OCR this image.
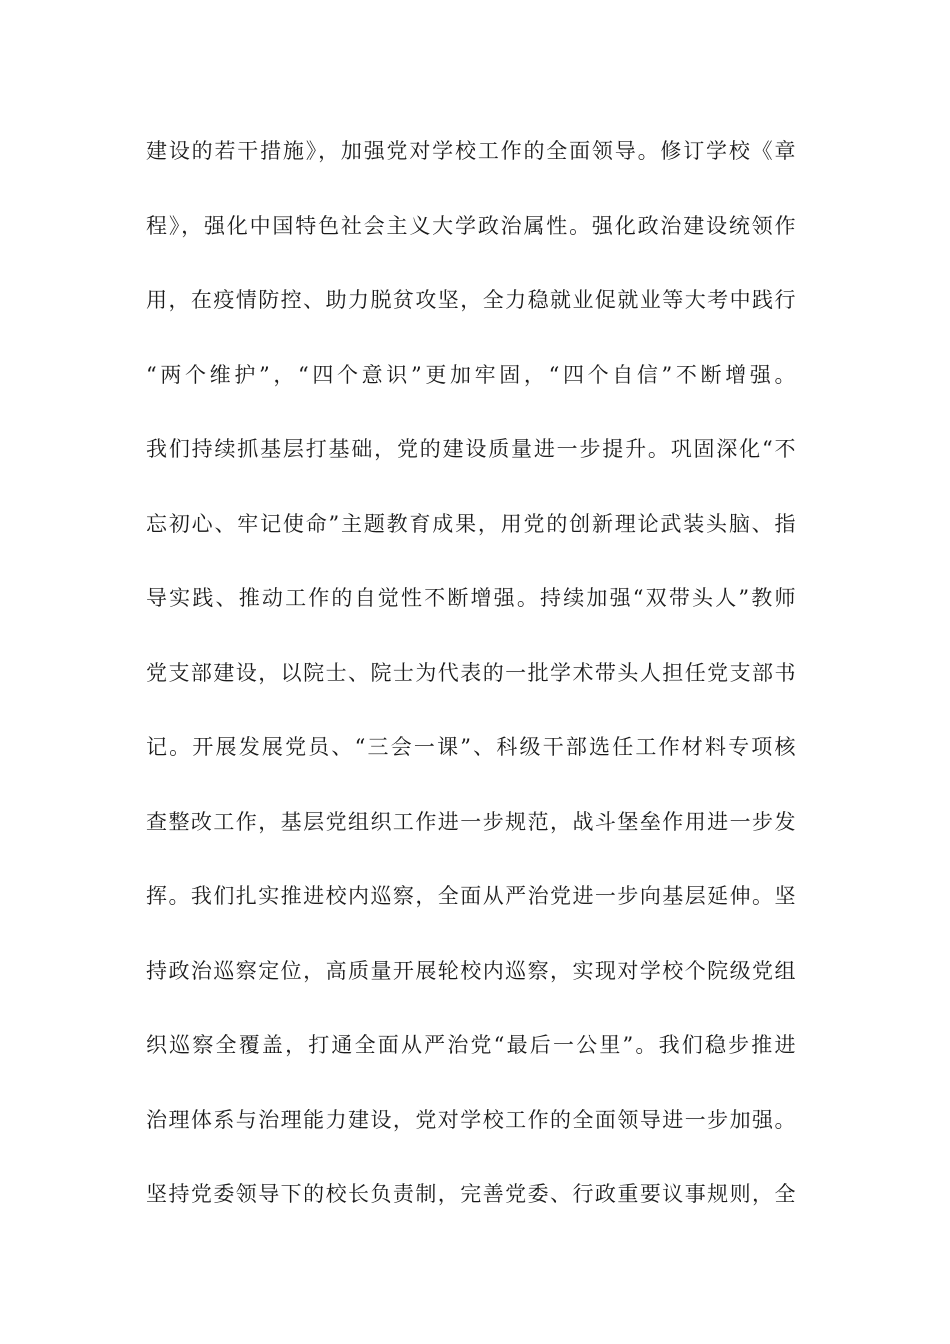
建设的若干措施》，加强党对学校工作的全面领导。修订学校《章
程》，强化中国特色社会主义大学政治属性。强化政治建设统领作
用，在疫情防控、助力脱贫攻坚，全力稳就业促就业等大考中践行
“两个维护”，“四个意识”更加牢固，“四个自信”不断增强。
我们持续抓基层打基础，党的建设质量进一步提升。巩固深化“不
忘初心、牢记使命”主题教育成果，用党的创新理论武装头脑、指
导实践、推动工作的自觉性不断增强。持续加强“双带头人”教师
党支部建设，以院士、院士为代表的一批学术带头人担任党支部书
记。开展发展党员、“三会一课”、科级干部选任工作材料专项核
查整改工作，基层党组织工作进一步规范，战斗堡垒作用进一步发
挥。我们扎实推进校内巡察，全面从严治党进一步向基层延伸。坚
持政治巡察定位，高质量开展轮校内巡察，实现对学校个院级党组
织巡察全覆盖，打通全面从严治党“最后一公里”。我们稳步推进
治理体系与治理能力建设，党对学校工作的全面领导进一步加强。
坚持党委领导下的校长负责制，完善党委、行政重要议事规则，全
